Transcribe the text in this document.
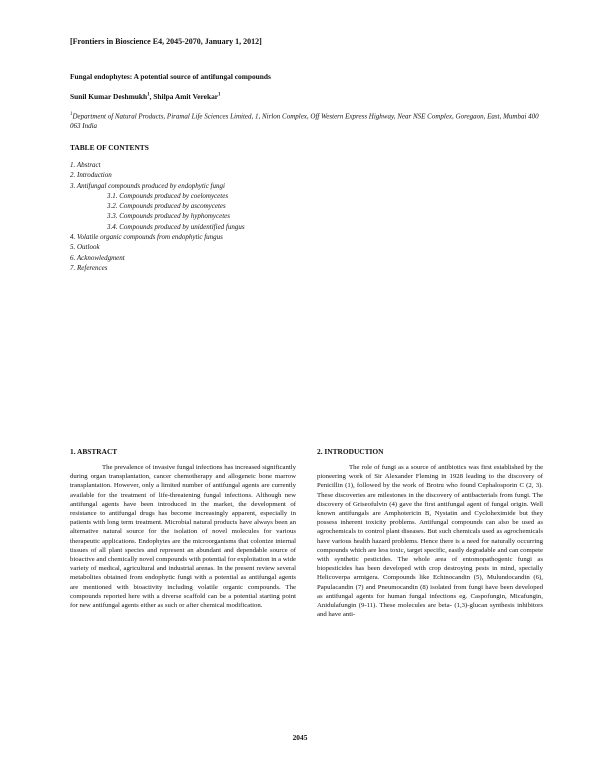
[Frontiers in Bioscience E4, 2045-2070, January 1, 2012]
Fungal endophytes: A potential source of antifungal compounds
Sunil Kumar Deshmukh$^1$, Shilpa Amit Verekar$^1$
$^1$Department of Natural Products, Piramal Life Sciences Limited, 1, Nirlon Complex, Off Western Express Highway, Near NSE Complex, Goregaon, East, Mumbai 400 063 India
TABLE OF CONTENTS
1. Abstract
2. Introduction
3. Antifungal compounds produced by endophytic fungi
3.1. Compounds produced by coelomycetes
3.2. Compounds produced by ascomycetes
3.3. Compounds produced by hyphomycetes
3.4. Compounds produced by unidentified fungus
4. Volatile organic compounds from endophytic fungus
5. Outlook
6. Acknowledgment
7. References
1. ABSTRACT

The prevalence of invasive fungal infections has increased significantly during organ transplantation, cancer chemotherapy and allogeneic bone marrow transplantation. However, only a limited number of antifungal agents are currently available for the treatment of life-threatening fungal infections. Although new antifungal agents have been introduced in the market, the development of resistance to antifungal drugs has become increasingly apparent, especially in patients with long term treatment. Microbial natural products have always been an alternative natural source for the isolation of novel molecules for various therapeutic applications. Endophytes are the microorganisms that colonize internal tissues of all plant species and represent an abundant and dependable source of bioactive and chemically novel compounds with potential for exploitation in a wide variety of medical, agricultural and industrial arenas. In the present review several metabolites obtained from endophytic fungi with a potential as antifungal agents are mentioned with bioactivity including volatile organic compounds. The compounds reported here with a diverse scaffold can be a potential starting point for new antifungal agents either as such or after chemical modification.

2. INTRODUCTION

The role of fungi as a source of antibiotics was first established by the pioneering work of Sir Alexander Fleming in 1928 leading to the discovery of Penicillin (1), followed by the work of Brotru who found Cephalosporin C (2, 3). These discoveries are milestones in the discovery of antibacterials from fungi. The discovery of Griseofulvin (4) gave the first antifungal agent of fungal origin. Well known antifungals are Amphotericin B, Nystatin and Cycloheximide but they possess inherent toxicity problems. Antifungal compounds can also be used as agrochemicals to control plant diseases. But such chemicals used as agrochemicals have various health hazard problems. Hence there is a need for naturally occurring compounds which are less toxic, target specific, easily degradable and can compete with synthetic pesticides. The whole area of entomopathogenic fungi as biopesticides has been developed with crop destroying pests in mind, specially Helicoverpa armigera. Compounds like Echinocandin (5), Mulundocandin (6), Papulacandin (7) and Pneumocandin (8) isolated from fungi have been developed as antifungal agents for human fungal infections eg. Caspofungin, Micafungin, Anidulafungin (9-11). These molecules are beta- (1,3)-glucan synthesis inhibitors and have anti-

2045
